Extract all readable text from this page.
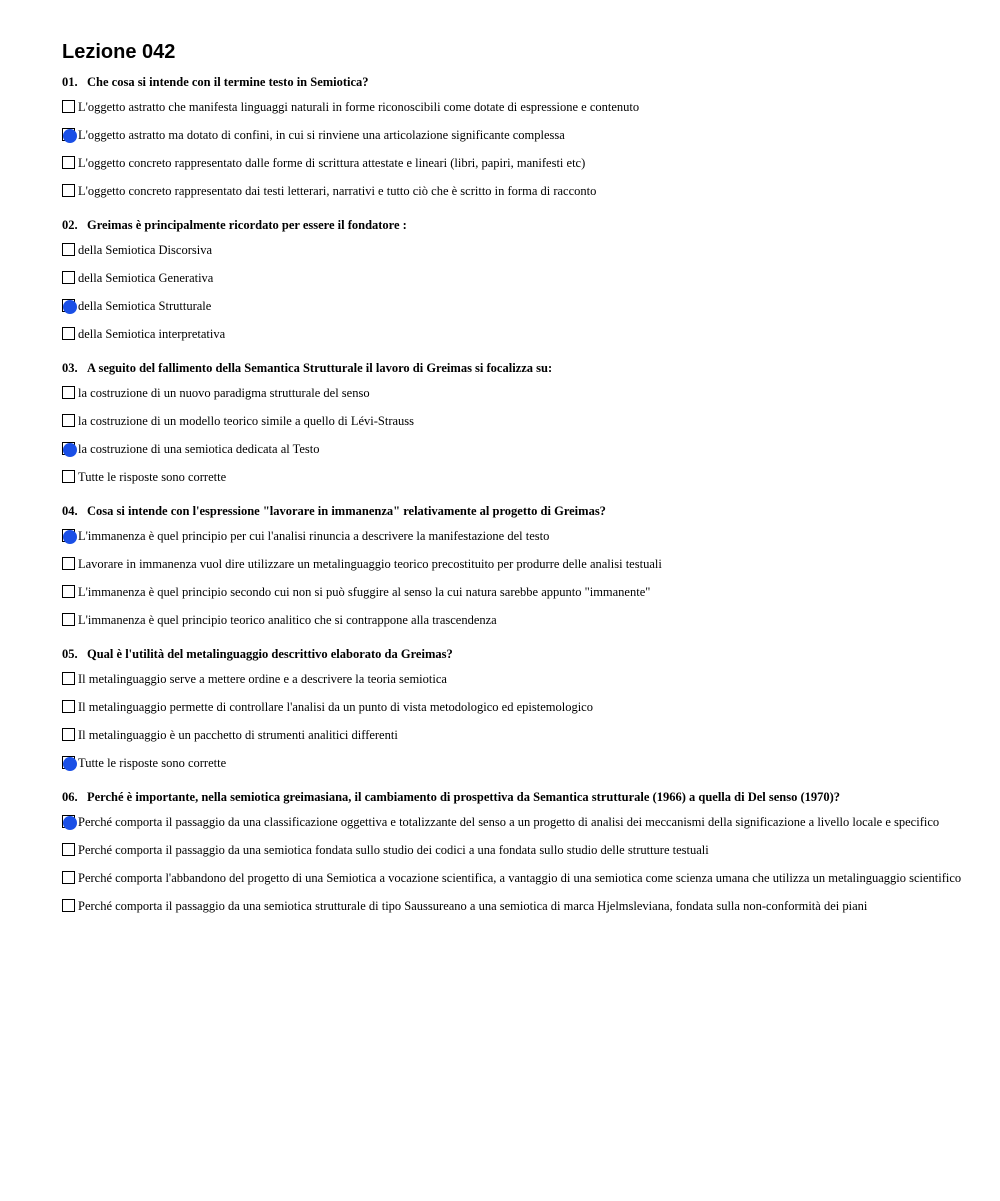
Lezione 042
01. Che cosa si intende con il termine testo in Semiotica?
L'oggetto astratto che manifesta linguaggi naturali in forme riconoscibili come dotate di espressione e contenuto
L'oggetto astratto ma dotato di confini, in cui si rinviene una articolazione significante complessa
L'oggetto concreto rappresentato dalle forme di scrittura attestate e lineari (libri, papiri, manifesti etc)
L'oggetto concreto rappresentato dai testi letterari, narrativi e tutto ciò che è scritto in forma di racconto
02. Greimas è principalmente ricordato per essere il fondatore :
della Semiotica Discorsiva
della Semiotica Generativa
della Semiotica Strutturale
della Semiotica interpretativa
03. A seguito del fallimento della Semantica Strutturale il lavoro di Greimas si focalizza su:
la costruzione di un nuovo paradigma strutturale del senso
la costruzione di un modello teorico simile a quello di Lévi-Strauss
la costruzione di una semiotica dedicata al Testo
Tutte le risposte sono corrette
04. Cosa si intende con l'espressione "lavorare in immanenza" relativamente al progetto di Greimas?
L'immanenza è quel principio per cui l'analisi rinuncia a descrivere la manifestazione del testo
Lavorare in immanenza vuol dire utilizzare un metalinguaggio teorico precostituito per produrre delle analisi testuali
L'immanenza è quel principio secondo cui non si può sfuggire al senso la cui natura sarebbe appunto "immanente"
L'immanenza è quel principio teorico analitico che si contrappone alla trascendenza
05. Qual è l'utilità del metalinguaggio descrittivo elaborato da Greimas?
Il metalinguaggio serve a mettere ordine e a descrivere la teoria semiotica
Il metalinguaggio permette di controllare l'analisi da un punto di vista metodologico ed epistemologico
Il metalinguaggio è un pacchetto di strumenti analitici differenti
Tutte le risposte sono corrette
06. Perché è importante, nella semiotica greimasiana, il cambiamento di prospettiva da Semantica strutturale (1966) a quella di Del senso (1970)?
Perché comporta il passaggio da una classificazione oggettiva e totalizzante del senso a un progetto di analisi dei meccanismi della significazione a livello locale e specifico
Perché comporta il passaggio da una semiotica fondata sullo studio dei codici a una fondata sullo studio delle strutture testuali
Perché comporta l'abbandono del progetto di una Semiotica a vocazione scientifica, a vantaggio di una semiotica come scienza umana che utilizza un metalinguaggio scientifico
Perché comporta il passaggio da una semiotica strutturale di tipo Saussureano a una semiotica di marca Hjelmsleviana, fondata sulla non-conformità dei piani
